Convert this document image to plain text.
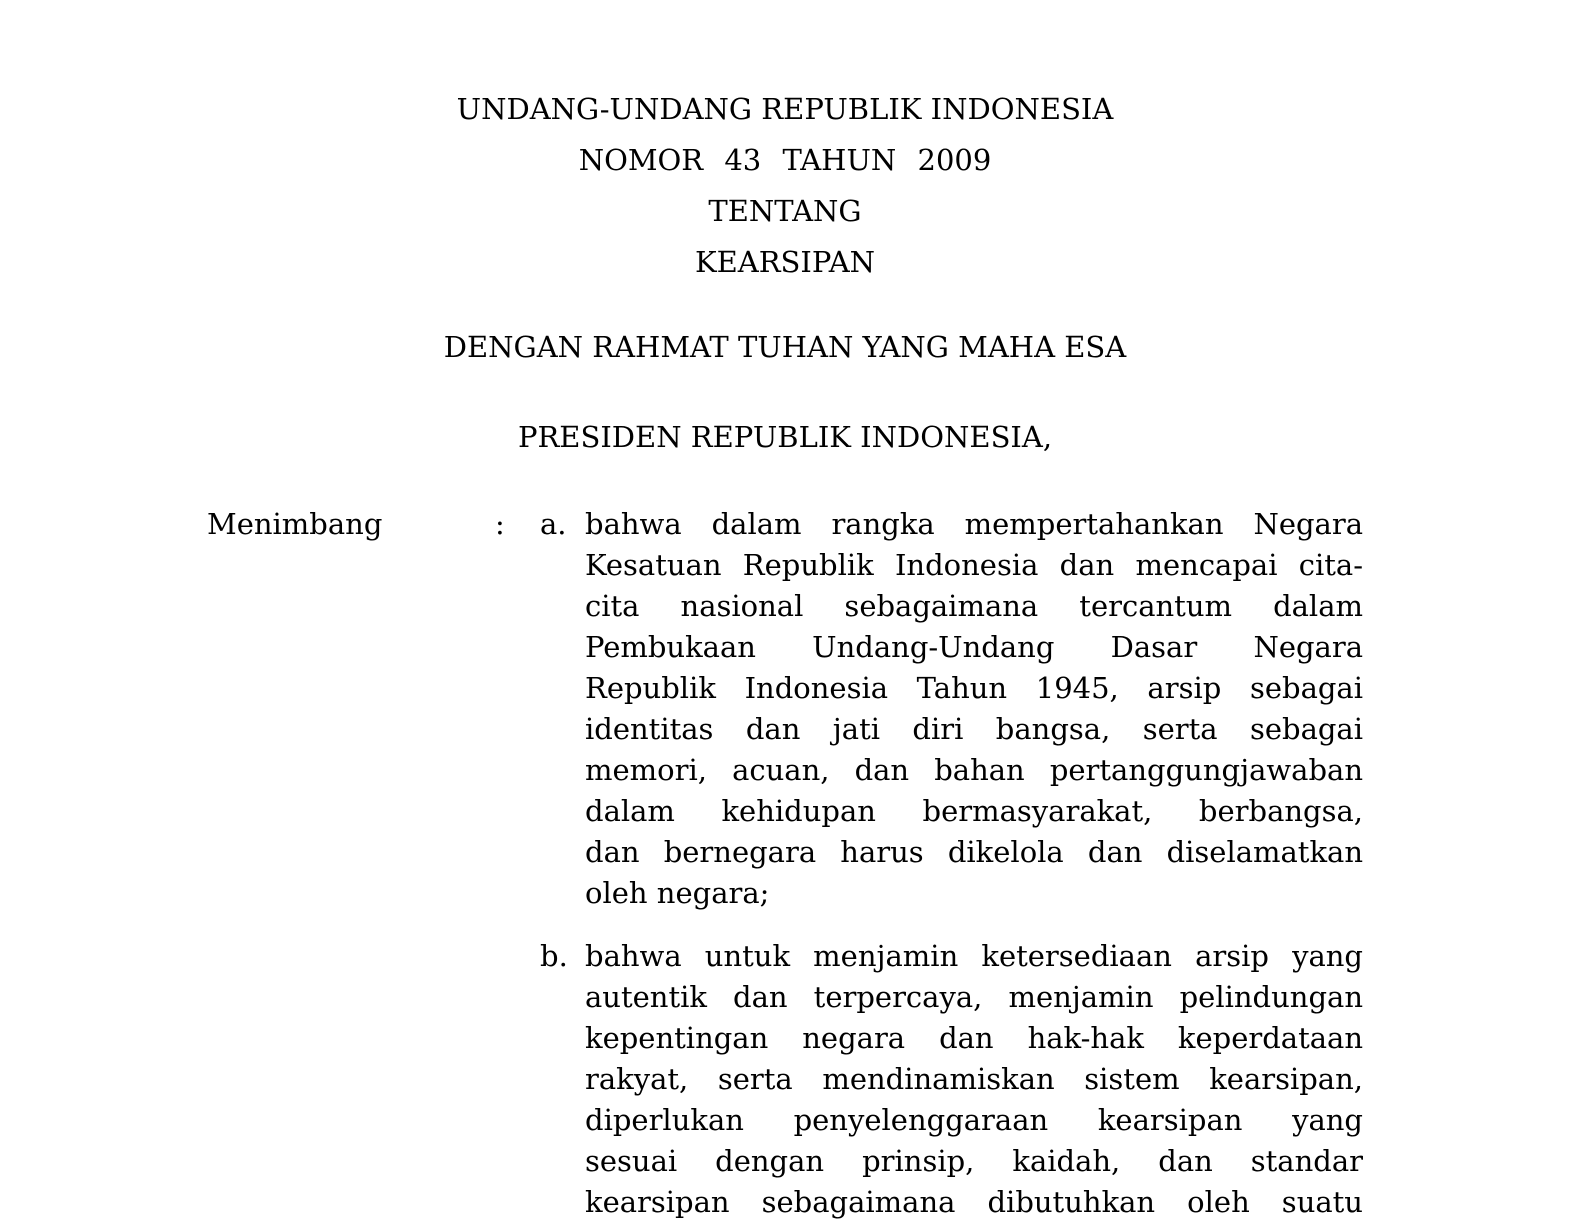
UNDANG-UNDANG REPUBLIK INDONESIA
NOMOR 43 TAHUN 2009
TENTANG
KEARSIPAN
DENGAN RAHMAT TUHAN YANG MAHA ESA
PRESIDEN REPUBLIK INDONESIA,
Menimbang	:	a. bahwa dalam rangka mempertahankan Negara
Kesatuan Republik Indonesia dan mencapai cita-
cita nasional sebagaimana tercantum dalam
Pembukaan Undang-Undang Dasar Negara
Republik Indonesia Tahun 1945, arsip sebagai
identitas dan jati diri bangsa, serta sebagai
memori, acuan, dan bahan pertanggungjawaban
dalam kehidupan bermasyarakat, berbangsa,
dan bernegara harus dikelola dan diselamatkan
oleh negara;
b. bahwa untuk menjamin ketersediaan arsip yang
autentik dan terpercaya, menjamin pelindungan
kepentingan negara dan hak-hak keperdataan
rakyat, serta mendinamiskan sistem kearsipan,
diperlukan penyelenggaraan kearsipan yang
sesuai dengan prinsip, kaidah, dan standar
kearsipan sebagaimana dibutuhkan oleh suatu
